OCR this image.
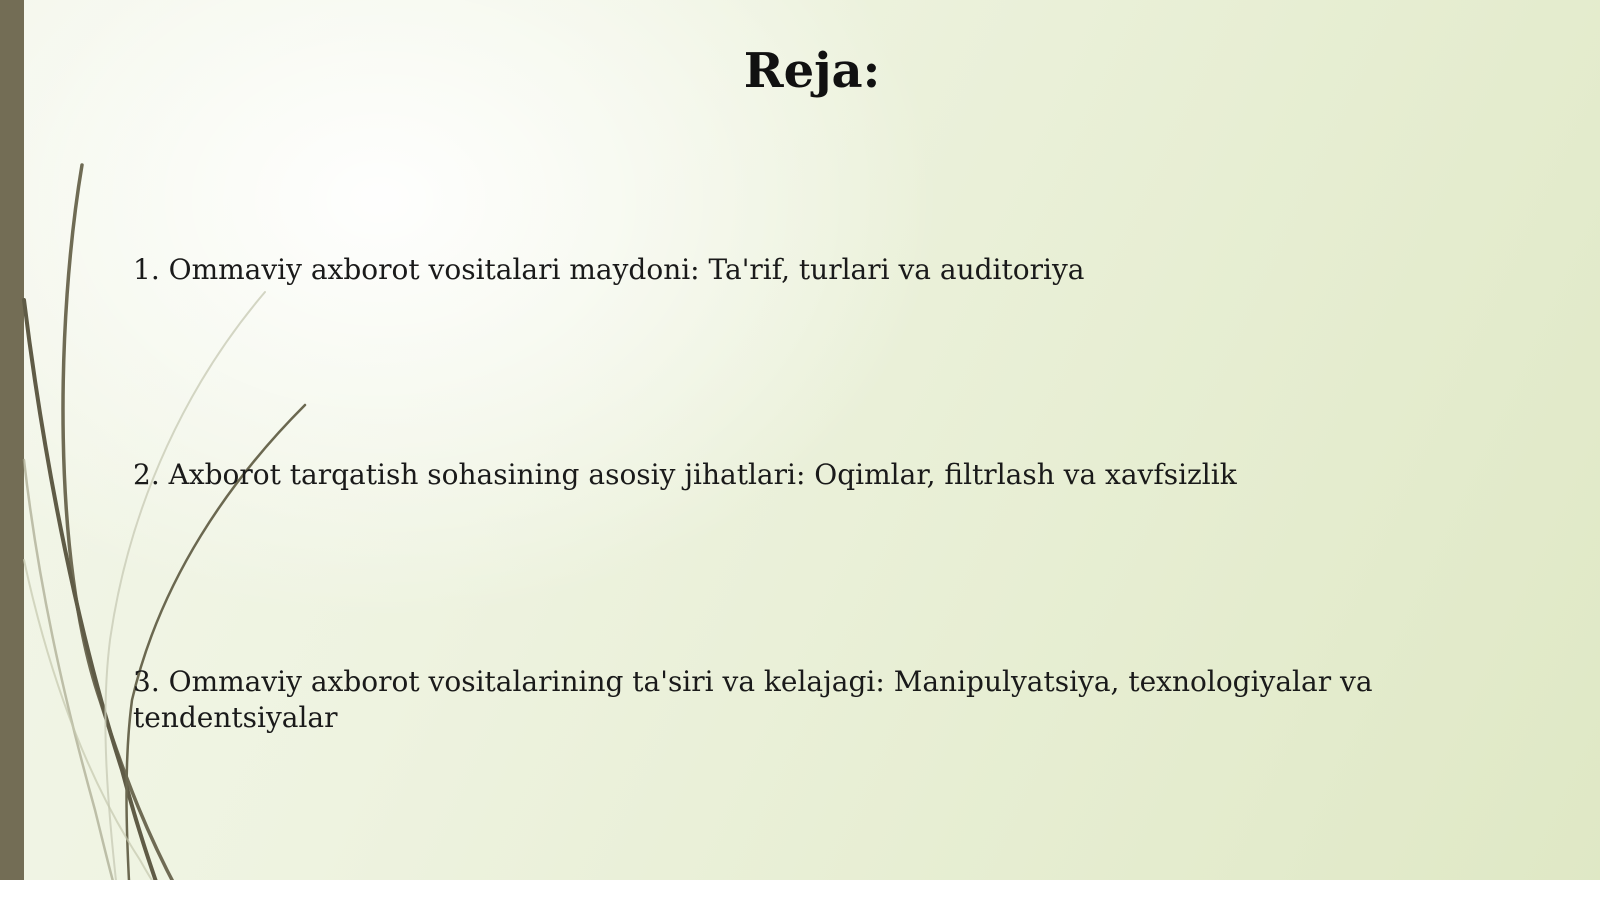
Reja:

1. Ommaviy axborot vositalari maydoni: Ta'rif, turlari va auditoriya

2. Axborot tarqatish sohasining asosiy jihatlari: Oqimlar, filtrlash va xavfsizlik

3. Ommaviy axborot vositalarining ta'siri va kelajagi: Manipulyatsiya, texnologiyalar va tendentsiyalar
